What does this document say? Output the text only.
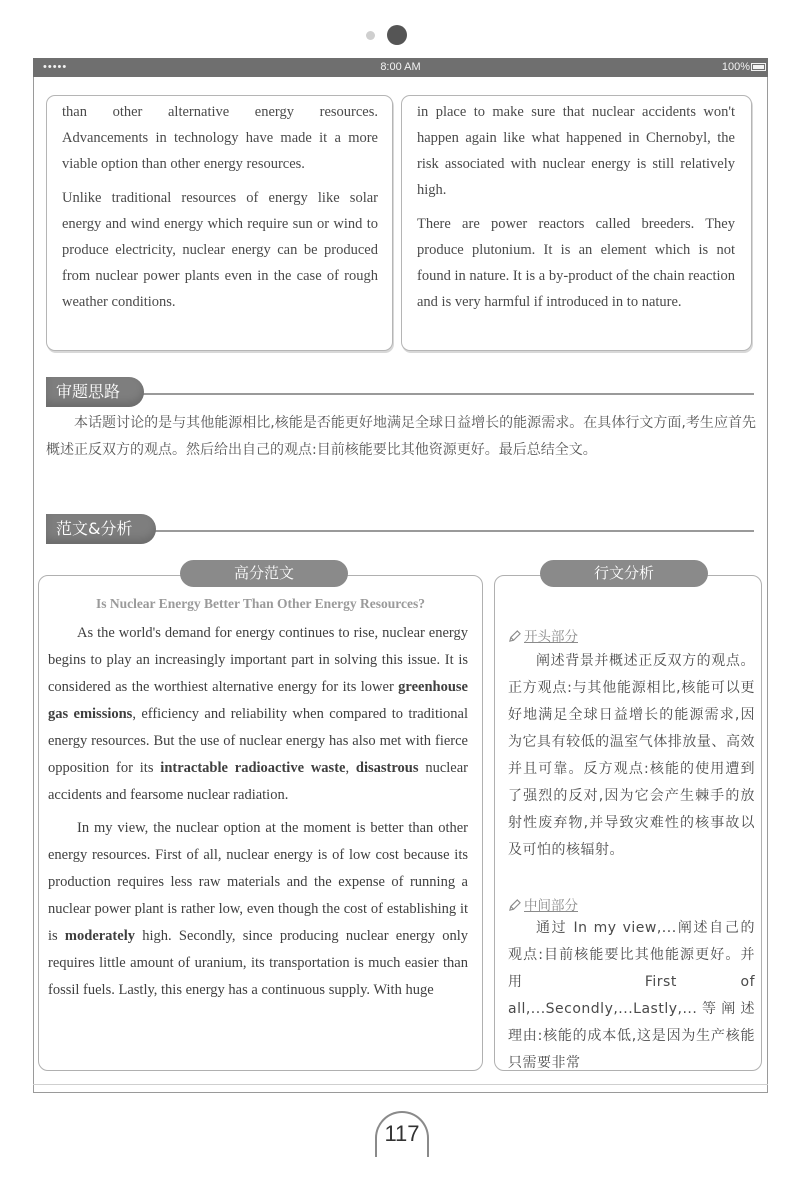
•••••	8:00 AM	100%

than other alternative energy resources. Advancements in technology have made it a more viable option than other energy resources.

Unlike traditional resources of energy like solar energy and wind energy which require sun or wind to produce electricity, nuclear energy can be produced from nuclear power plants even in the case of rough weather conditions.

in place to make sure that nuclear accidents won't happen again like what happened in Chernobyl, the risk associated with nuclear energy is still relatively high.

There are power reactors called breeders. They produce plutonium. It is an element which is not found in nature. It is a by-product of the chain reaction and is very harmful if introduced in to nature.

审题思路

本话题讨论的是与其他能源相比,核能是否能更好地满足全球日益增长的能源需求。在具体行文方面,考生应首先概述正反双方的观点。然后给出自己的观点:目前核能要比其他资源更好。最后总结全文。

范文&分析
高分范文

Is Nuclear Energy Better Than Other Energy Resources?

As the world's demand for energy continues to rise, nuclear energy begins to play an increasingly important part in solving this issue. It is considered as the worthiest alternative energy for its lower greenhouse gas emissions, efficiency and reliability when compared to traditional energy resources. But the use of nuclear energy has also met with fierce opposition for its intractable radioactive waste, disastrous nuclear accidents and fearsome nuclear radiation.

In my view, the nuclear option at the moment is better than other energy resources. First of all, nuclear energy is of low cost because its production requires less raw materials and the expense of running a nuclear power plant is rather low, even though the cost of establishing it is moderately high. Secondly, since producing nuclear energy only requires little amount of uranium, its transportation is much easier than fossil fuels. Lastly, this energy has a continuous supply. With huge

行文分析
开头部分

阐述背景并概述正反双方的观点。正方观点:与其他能源相比,核能可以更好地满足全球日益增长的能源需求,因为它具有较低的温室气体排放量、高效并且可靠。反方观点:核能的使用遭到了强烈的反对,因为它会产生棘手的放射性废弃物,并导致灾难性的核事故以及可怕的核辐射。

中间部分

通过 In my view,...阐述自己的观点:目前核能要比其他能源更好。并用 First of all,...Secondly,...Lastly,...等阐述理由:核能的成本低,这是因为生产核能只需要非常

117
